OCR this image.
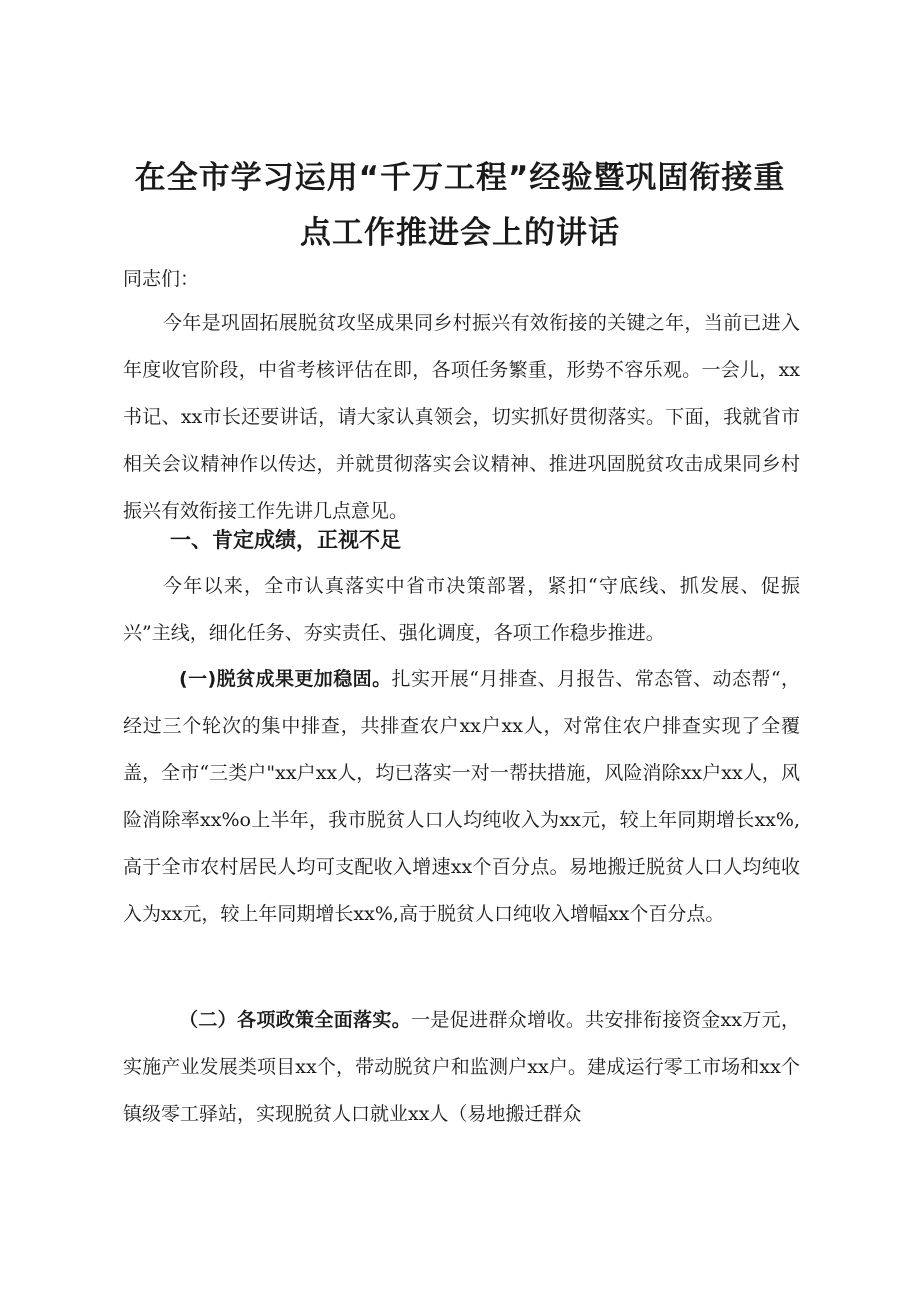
在全市学习运用“千万工程”经验暨巩固衔接重
点工作推进会上的讲话

同志们：

今年是巩固拓展脱贫攻坚成果同乡村振兴有效衔接的关键之年，当前已进入年度收官阶段，中省考核评估在即，各项任务繁重，形势不容乐观。一会儿，xx书记、xx市长还要讲话，请大家认真领会，切实抓好贯彻落实。下面，我就省市相关会议精神作以传达，并就贯彻落实会议精神、推进巩固脱贫攻击成果同乡村振兴有效衔接工作先讲几点意见。

一、肯定成绩，正视不足

今年以来，全市认真落实中省市决策部署，紧扣“守底线、抓发展、促振兴”主线，细化任务、夯实责任、强化调度，各项工作稳步推进。

(一)脱贫成果更加稳固。扎实开展“月排查、月报告、常态管、动态帮“，经过三个轮次的集中排查，共排查农户xx户xx人，对常住农户排查实现了全覆盖，全市“三类户"xx户xx人，均已落实一对一帮扶措施，风险消除xx户xx人，风险消除率xx%o上半年，我市脱贫人口人均纯收入为xx元，较上年同期增长xx%,高于全市农村居民人均可支配收入增速xx个百分点。易地搬迁脱贫人口人均纯收入为xx元，较上年同期增长xx%,高于脱贫人口纯收入增幅xx个百分点。

（二）各项政策全面落实。一是促进群众增收。共安排衔接资金xx万元，实施产业发展类项目xx个，带动脱贫户和监测户xx户。建成运行零工市场和xx个镇级零工驿站，实现脱贫人口就业xx人（易地搬迁群众
